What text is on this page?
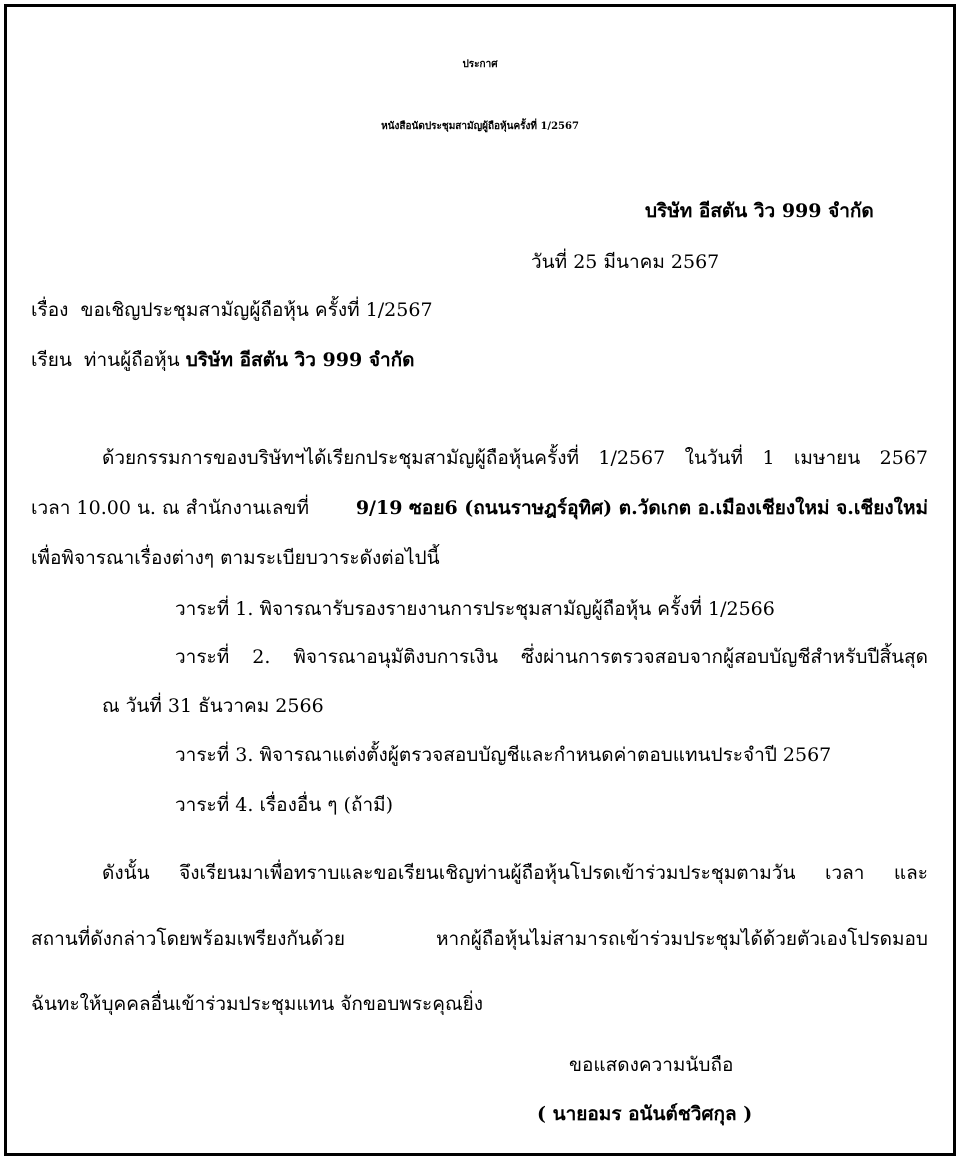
ประกาศ
หนังสือนัดประชุมสามัญผู้ถือหุ้นครั้งที่ 1/2567
บริษัท อีสตัน วิว 999 จำกัด
วันที่ 25 มีนาคม 2567
เรื่อง ขอเชิญประชุมสามัญผู้ถือหุ้น ครั้งที่ 1/2567
เรียน ท่านผู้ถือหุ้น บริษัท อีสตัน วิว 999 จำกัด
ด้วยกรรมการของบริษัทฯได้เรียกประชุมสามัญผู้ถือหุ้นครั้งที่ 1/2567 ในวันที่ 1 เมษายน 2567
เวลา 10.00 น. ณ สำนักงานเลขที่ 9/19 ซอย6 (ถนนราษฎร์อุทิศ) ต.วัดเกต อ.เมืองเชียงใหม่ จ.เชียงใหม่
เพื่อพิจารณาเรื่องต่างๆ ตามระเบียบวาระดังต่อไปนี้
วาระที่ 1. พิจารณารับรองรายงานการประชุมสามัญผู้ถือหุ้น ครั้งที่ 1/2566
วาระที่ 2. พิจารณาอนุมัติงบการเงิน ซึ่งผ่านการตรวจสอบจากผู้สอบบัญชีสำหรับปีสิ้นสุด
ณ วันที่ 31 ธันวาคม 2566
วาระที่ 3. พิจารณาแต่งตั้งผู้ตรวจสอบบัญชีและกำหนดค่าตอบแทนประจำปี 2567
วาระที่ 4. เรื่องอื่น ๆ (ถ้ามี)
ดังนั้น จึงเรียนมาเพื่อทราบและขอเรียนเชิญท่านผู้ถือหุ้นโปรดเข้าร่วมประชุมตามวัน เวลา และ
สถานที่ดังกล่าวโดยพร้อมเพรียงกันด้วย หากผู้ถือหุ้นไม่สามารถเข้าร่วมประชุมได้ด้วยตัวเองโปรดมอบ
ฉันทะให้บุคคลอื่นเข้าร่วมประชุมแทน จักขอบพระคุณยิ่ง
ขอแสดงความนับถือ
( นายอมร อนันต์ชวิศกุล )
